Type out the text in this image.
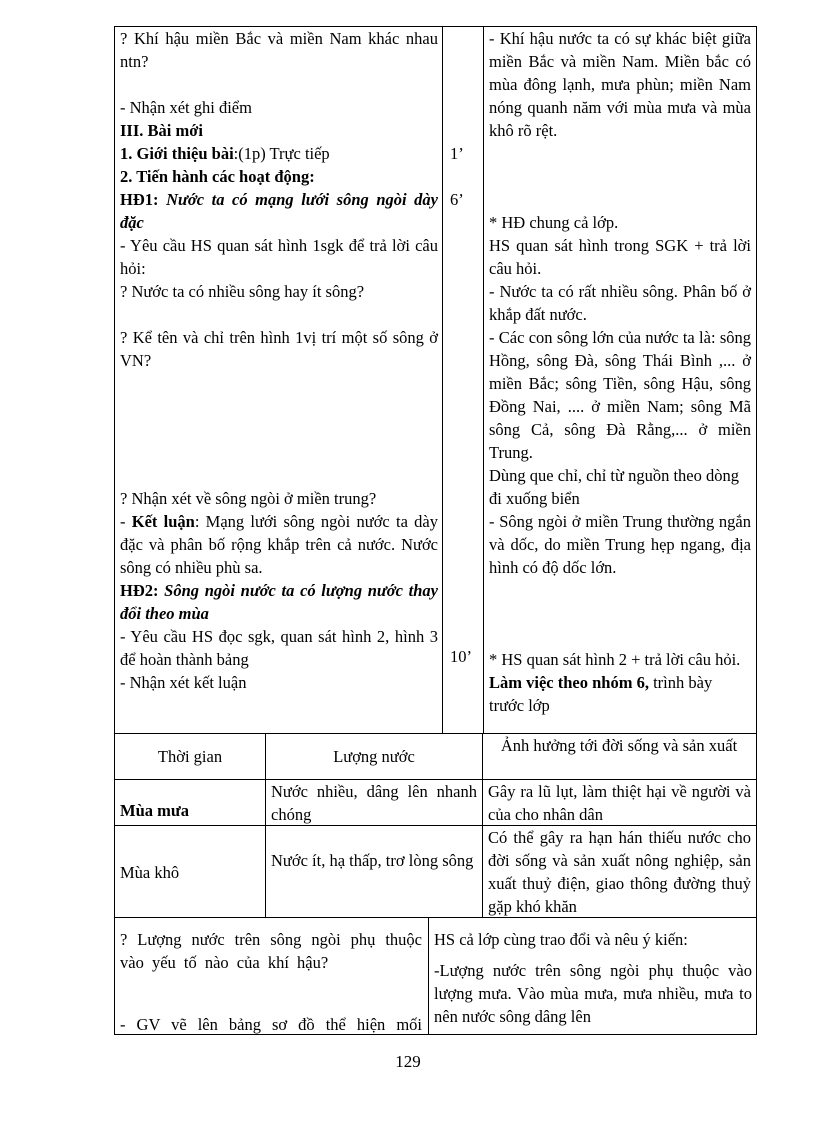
? Khí hậu miền Bắc và miền Nam khác nhau ntn?
- Nhận xét ghi điểm
III. Bài mới
1. Giới thiệu bài:(1p) Trực tiếp
2. Tiến hành các hoạt động:
HĐ1: Nước ta có mạng lưới sông ngòi dày đặc
- Yêu cầu HS quan sát hình 1sgk để trả lời câu hỏi:
? Nước ta có nhiều sông hay ít sông?
? Kể tên và chỉ trên hình 1vị trí một số sông ở VN?
? Nhận xét về sông ngòi ở miền trung?
- Kết luận: Mạng lưới sông ngòi nước ta dày đặc và phân bố rộng khắp trên cả nước. Nước sông có nhiều phù sa.
HĐ2: Sông ngòi nước ta có lượng nước thay đổi theo mùa
- Yêu cầu HS đọc sgk, quan sát hình 2, hình 3 để hoàn thành bảng
- Nhận xét kết luận
1’
6’
10’
- Khí hậu nước ta có sự khác biệt giữa miền Bắc và miền Nam. Miền bắc có mùa đông lạnh, mưa phùn; miền Nam nóng quanh năm với mùa mưa và mùa khô rõ rệt.
* HĐ chung cả lớp.
HS quan sát hình trong SGK + trả lời câu hỏi.
- Nước ta có rất nhiều sông. Phân bố ở khắp đất nước.
- Các con sông lớn của nước ta là: sông Hồng, sông Đà, sông Thái Bình ,... ở miền Bắc; sông Tiền, sông Hậu, sông Đồng Nai, .... ở miền Nam; sông Mã sông Cả, sông Đà Rằng,... ở miền Trung.
Dùng que chỉ, chỉ từ nguồn theo dòng đi xuống biển
- Sông ngòi ở miền Trung thường ngắn và dốc, do miền Trung hẹp ngang, địa hình có độ dốc lớn.
* HS quan sát hình 2 + trả lời câu hỏi.
Làm việc theo nhóm 6, trình bày trước lớp
Thời gian	Lượng nước
Ảnh hưởng tới đời sống và sản xuất
Mùa mưa
Nước nhiều, dâng lên nhanh chóng
Gây ra lũ lụt, làm thiệt hại về người và của cho nhân dân
Mùa khô
Nước ít, hạ thấp, trơ lòng sông
Có thể gây ra hạn hán thiếu nước cho đời sống và sản xuất nông nghiệp, sản xuất thuỷ điện, giao thông đường thuỷ gặp khó khăn
? Lượng nước trên sông ngòi phụ thuộc vào yếu tố nào của khí hậu?
- GV vẽ lên bảng sơ đồ thể hiện mối
HS cả lớp cùng trao đổi và nêu ý kiến:
-Lượng nước trên sông ngòi phụ thuộc vào lượng mưa. Vào mùa mưa, mưa nhiều, mưa to nên nước sông dâng lên
129
